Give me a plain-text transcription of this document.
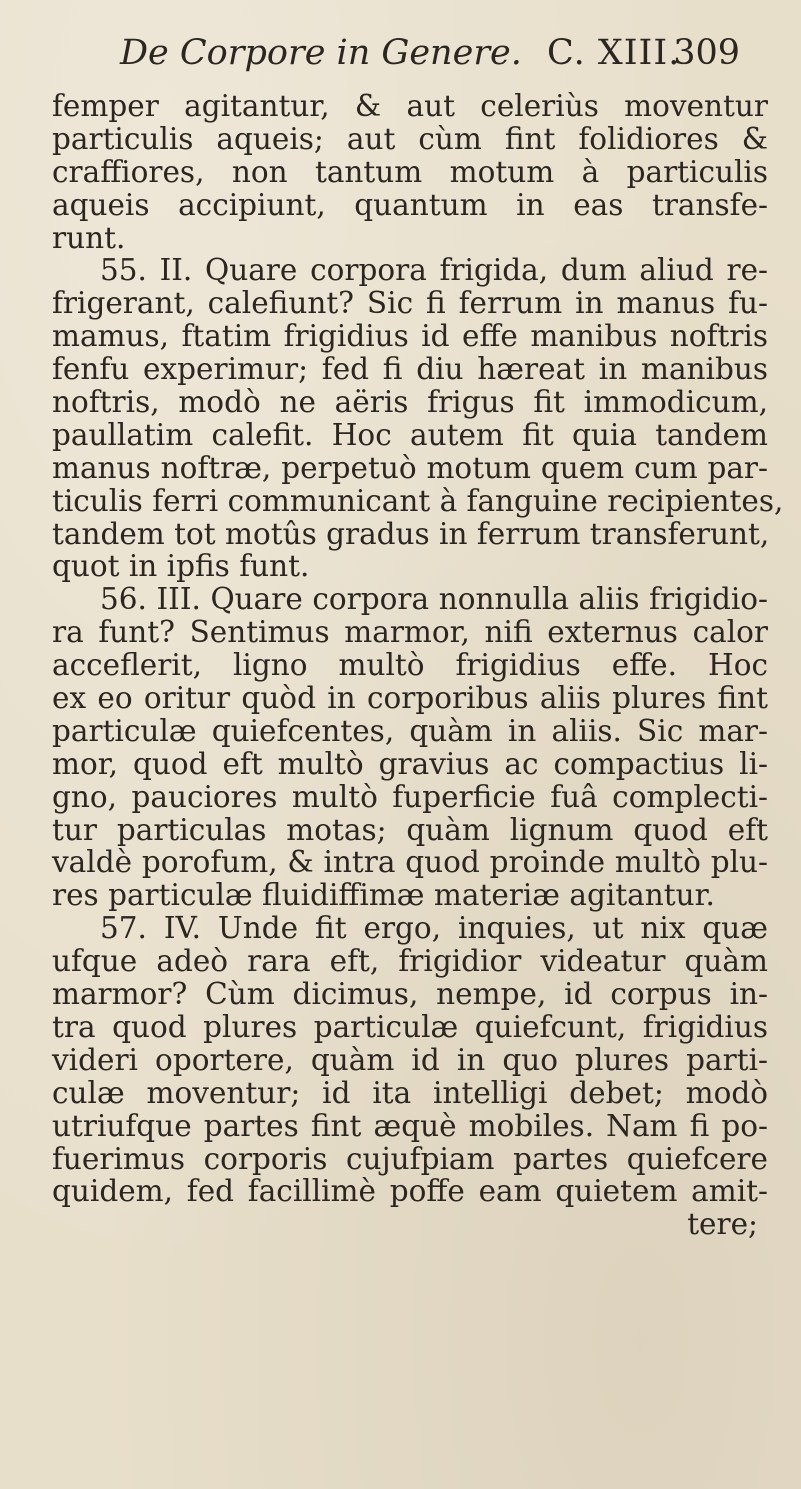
De Corpore in Genere. C. XIII.
309
femper agitantur, & aut celeriùs moventur
particulis aqueis; aut cùm fint folidiores &
craffiores, non tantum motum à particulis
aqueis accipiunt, quantum in eas transfe-
runt.
55. II. Quare corpora frigida, dum aliud re-
frigerant, calefiunt? Sic fi ferrum in manus fu-
mamus, ftatim frigidius id effe manibus noftris
fenfu experimur; fed fi diu hæreat in manibus
noftris, modò ne aëris frigus fit immodicum,
paullatim calefit. Hoc autem fit quia tandem
manus noftræ, perpetuò motum quem cum par-
ticulis ferri communicant à fanguine recipientes,
tandem tot motûs gradus in ferrum transferunt,
quot in ipfis funt.
56. III. Quare corpora nonnulla aliis frigidio-
ra funt? Sentimus marmor, nifi externus calor
acceflerit, ligno multò frigidius effe. Hoc
ex eo oritur quòd in corporibus aliis plures fint
particulæ quiefcentes, quàm in aliis. Sic mar-
mor, quod eft multò gravius ac compactius li-
gno, pauciores multò fuperficie fuâ complecti-
tur particulas motas; quàm lignum quod eft
valdè porofum, & intra quod proinde multò plu-
res particulæ fluidiffimæ materiæ agitantur.
57. IV. Unde fit ergo, inquies, ut nix quæ
ufque adeò rara eft, frigidior videatur quàm
marmor? Cùm dicimus, nempe, id corpus in-
tra quod plures particulæ quiefcunt, frigidius
videri oportere, quàm id in quo plures parti-
culæ moventur; id ita intelligi debet; modò
utriufque partes fint æquè mobiles. Nam fi po-
fuerimus corporis cujufpiam partes quiefcere
quidem, fed facillimè poffe eam quietem amit-
tere;
